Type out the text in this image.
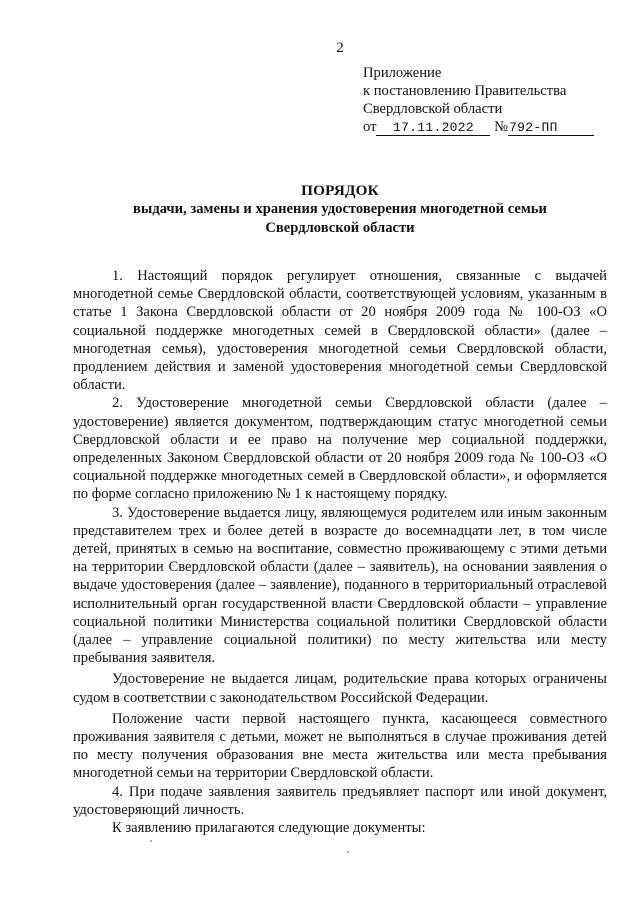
2
Приложение
к постановлению Правительства
Свердловской области
от 17.11.2022 №792-ПП
ПОРЯДОК
выдачи, замены и хранения удостоверения многодетной семьи
Свердловской области

1. Настоящий порядок регулирует отношения, связанные с выдачей многодетной семье Свердловской области, соответствующей условиям, указанным в статье 1 Закона Свердловской области от 20 ноября 2009 года № 100-ОЗ «О социальной поддержке многодетных семей в Свердловской области» (далее – многодетная семья), удостоверения многодетной семьи Свердловской области, продлением действия и заменой удостоверения многодетной семьи Свердловской области.

2. Удостоверение многодетной семьи Свердловской области (далее – удостоверение) является документом, подтверждающим статус многодетной семьи Свердловской области и ее право на получение мер социальной поддержки, определенных Законом Свердловской области от 20 ноября 2009 года № 100-ОЗ «О социальной поддержке многодетных семей в Свердловской области», и оформляется по форме согласно приложению № 1 к настоящему порядку.

3. Удостоверение выдается лицу, являющемуся родителем или иным законным представителем трех и более детей в возрасте до восемнадцати лет, в том числе детей, принятых в семью на воспитание, совместно проживающему с этими детьми на территории Свердловской области (далее – заявитель), на основании заявления о выдаче удостоверения (далее – заявление), поданного в территориальный отраслевой исполнительный орган государственной власти Свердловской области – управление социальной политики Министерства социальной политики Свердловской области (далее – управление социальной политики) по месту жительства или месту пребывания заявителя.

Удостоверение не выдается лицам, родительские права которых ограничены судом в соответствии с законодательством Российской Федерации.

Положение части первой настоящего пункта, касающееся совместного проживания заявителя с детьми, может не выполняться в случае проживания детей по месту получения образования вне места жительства или места пребывания многодетной семьи на территории Свердловской области.

4. При подаче заявления заявитель предъявляет паспорт или иной документ, удостоверяющий личность.

К заявлению прилагаются следующие документы:
